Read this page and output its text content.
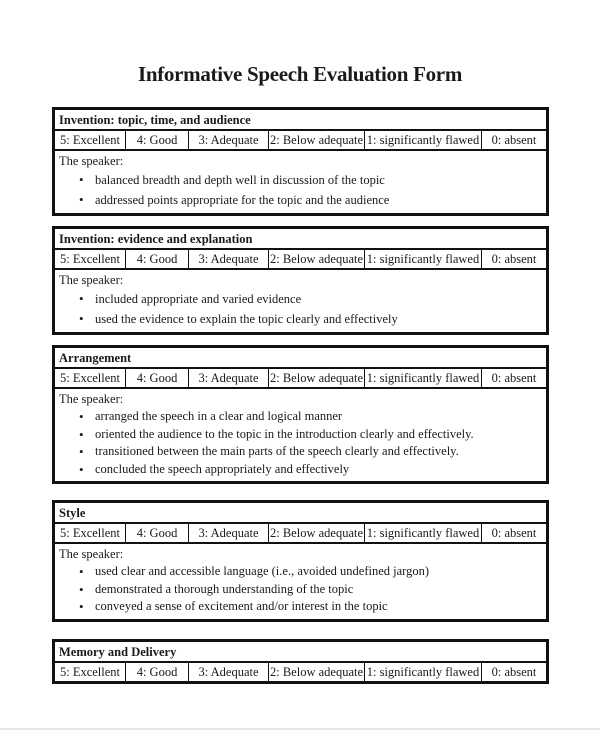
Informative Speech Evaluation Form
Invention: topic, time, and audience
5: Excellent	4: Good	3: Adequate 2: Below adequate 1: significantly flawed 0: absent
The speaker:
• balanced breadth and depth well in discussion of the topic
• addressed points appropriate for the topic and the audience
Invention: evidence and explanation
5: Excellent	4: Good	3: Adequate 2: Below adequate 1: significantly flawed 0: absent
The speaker:
• included appropriate and varied evidence
• used the evidence to explain the topic clearly and effectively
Arrangement
5: Excellent	4: Good	3: Adequate 2: Below adequate 1: significantly flawed 0: absent
The speaker:
• arranged the speech in a clear and logical manner
• oriented the audience to the topic in the introduction clearly and effectively.
• transitioned between the main parts of the speech clearly and effectively.
• concluded the speech appropriately and effectively
Style
5: Excellent	4: Good	3: Adequate 2: Below adequate 1: significantly flawed 0: absent
The speaker:
• used clear and accessible language (i.e., avoided undefined jargon)
• demonstrated a thorough understanding of the topic
• conveyed a sense of excitement and/or interest in the topic
Memory and Delivery
5: Excellent	4: Good	3: Adequate 2: Below adequate 1: significantly flawed 0: absent
